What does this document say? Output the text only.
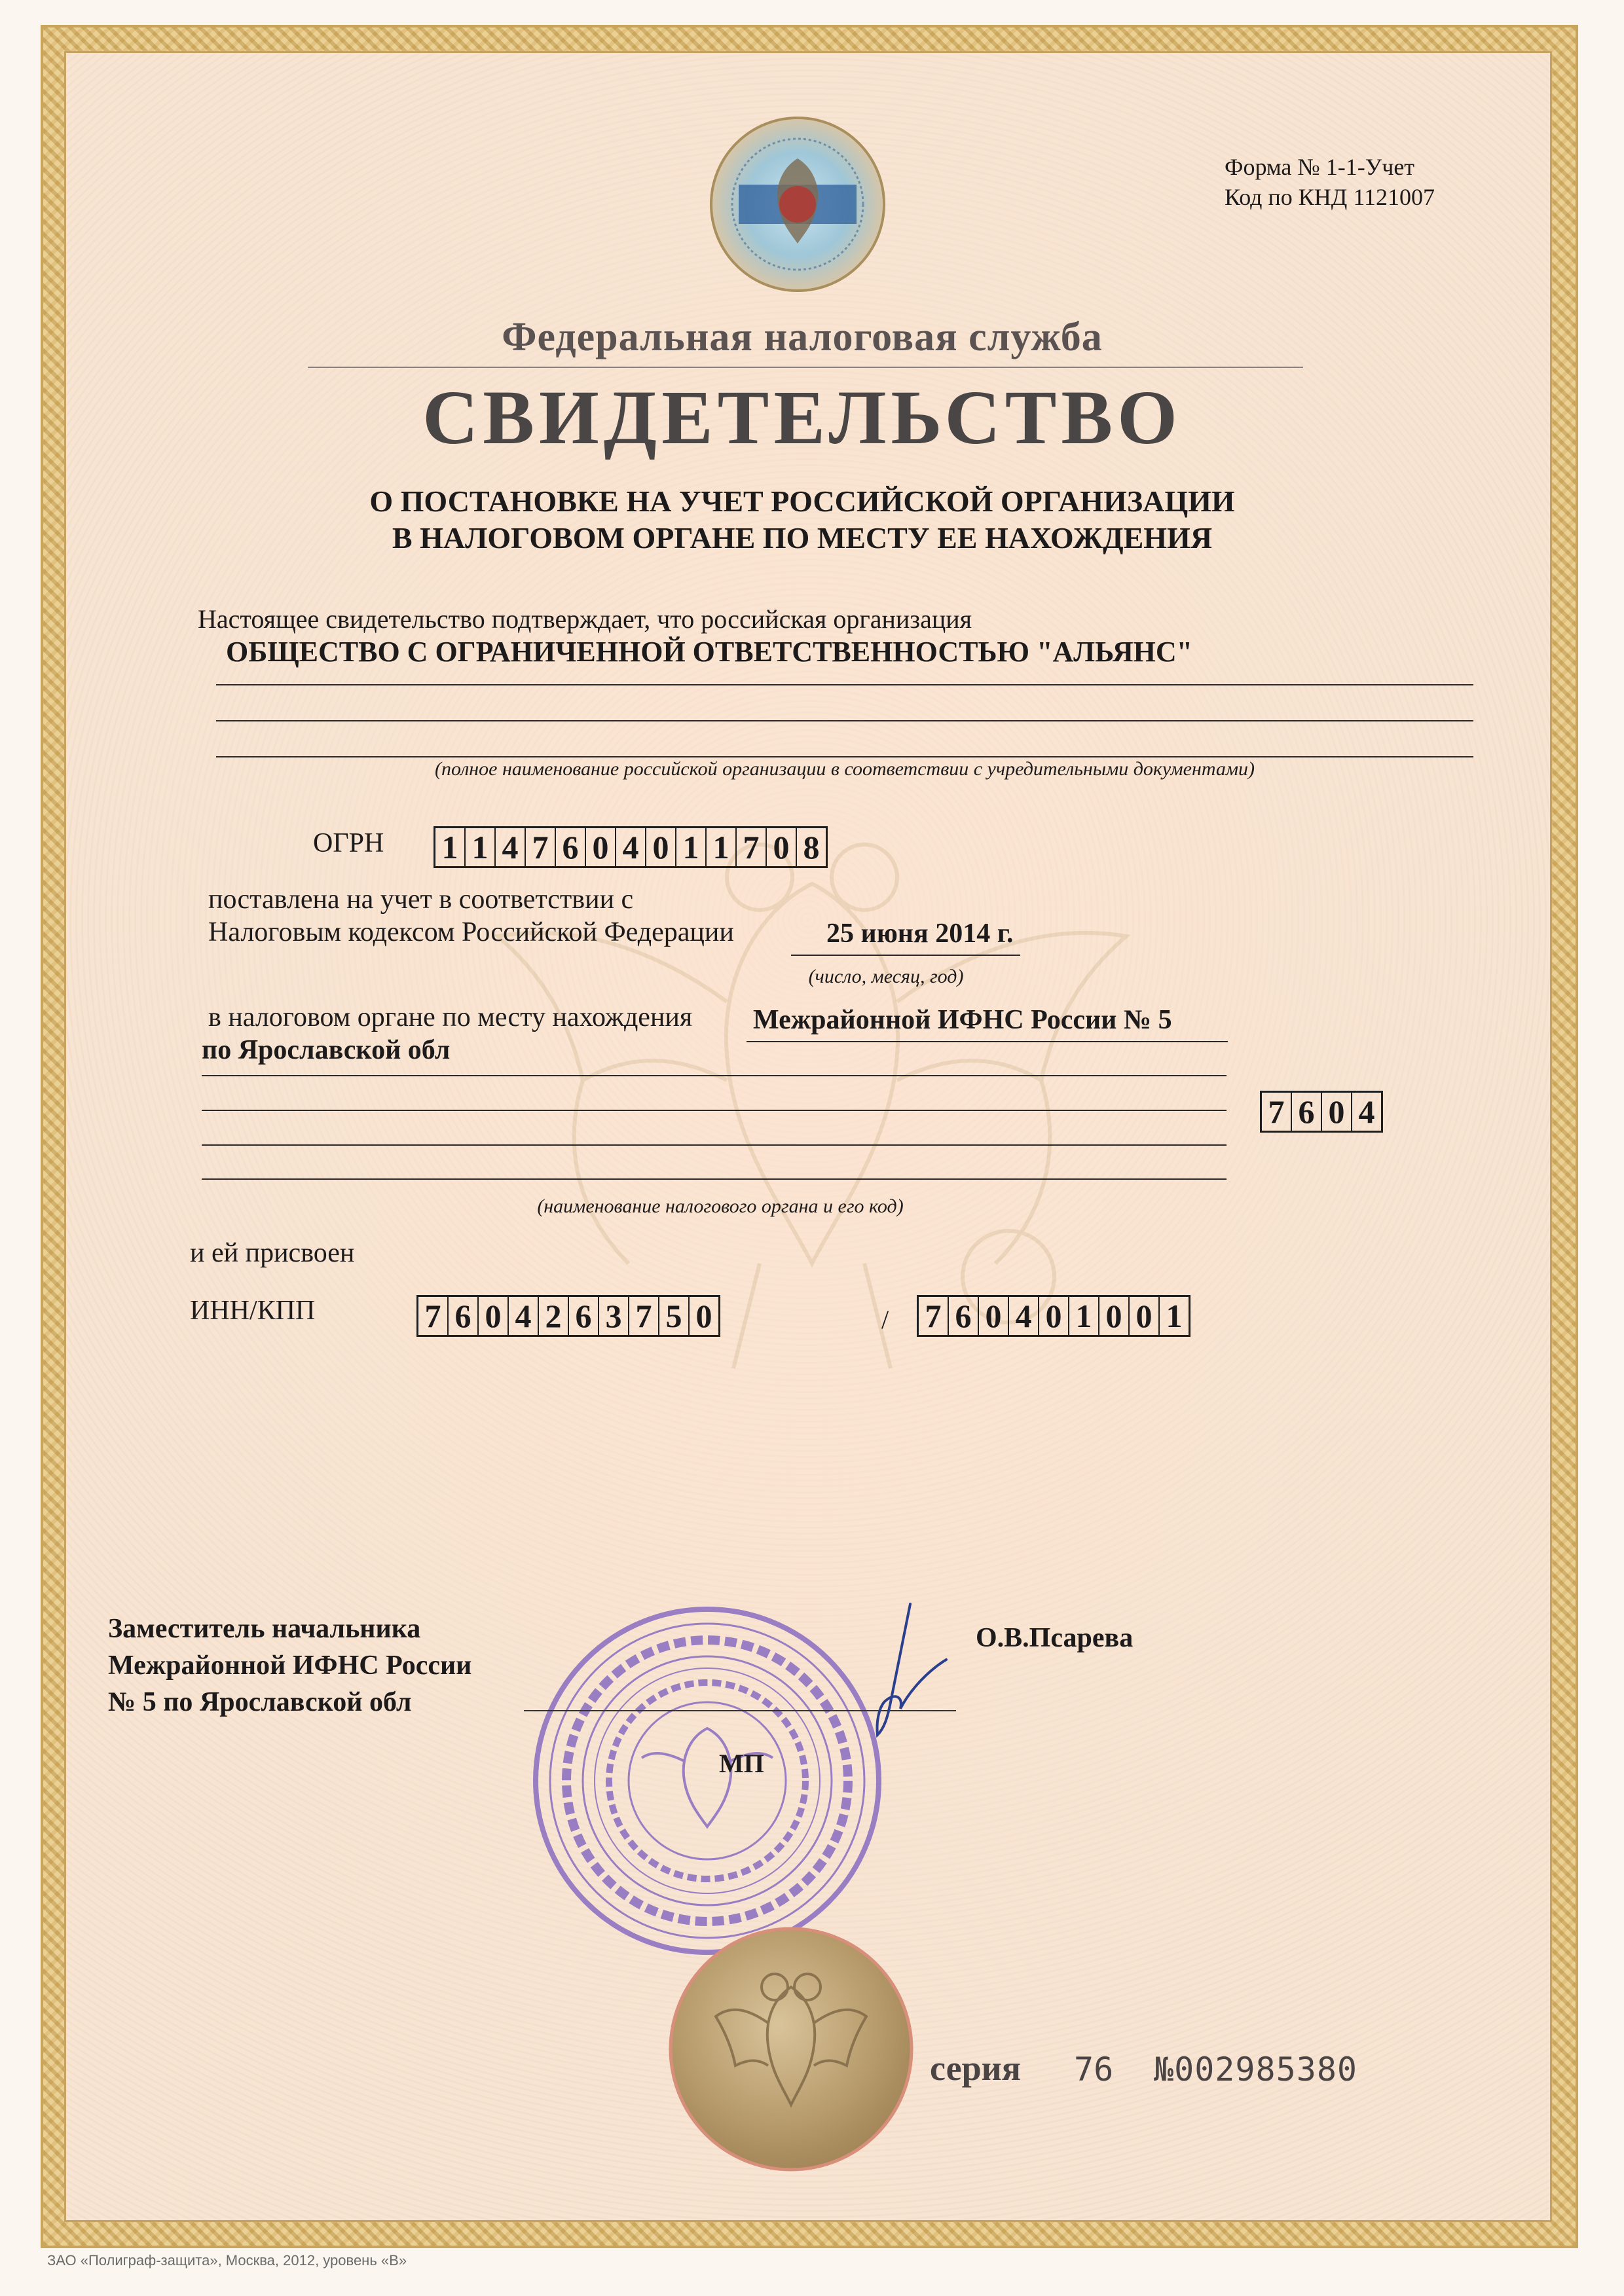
Форма № 1-1-Учет
Код по КНД 1121007
Федеральная налоговая служба
СВИДЕТЕЛЬСТВО
О ПОСТАНОВКЕ НА УЧЕТ РОССИЙСКОЙ ОРГАНИЗАЦИИ
В НАЛОГОВОМ ОРГАНЕ ПО МЕСТУ ЕЕ НАХОЖДЕНИЯ
Настоящее свидетельство подтверждает, что российская организация
ОБЩЕСТВО С ОГРАНИЧЕННОЙ ОТВЕТСТВЕННОСТЬЮ "АЛЬЯНС"
(полное наименование российской организации в соответствии с учредительными документами)
ОГРН 1 1 4 7 6 0 4 0 1 1 7 0 8
поставлена на учет в соответствии с
Налоговым кодексом Российской Федерации	25 июня 2014 г.
(число, месяц, год)
в налоговом органе по месту нахождения Межрайонной ИФНС России № 5
по Ярославской обл
7 6 0 4
(наименование налогового органа и его код)
и ей присвоен
ИНН/КПП	7 6 0 4 2 6 3 7 5 0	/ 7 6 0 4 0 1 0 0 1
Заместитель начальника
Межрайонной ИФНС России
№ 5 по Ярославской обл
О.В.Псарева
МП
серия 76 №002985380
ЗАО «Полиграф-защита», Москва, 2012, уровень «В»
